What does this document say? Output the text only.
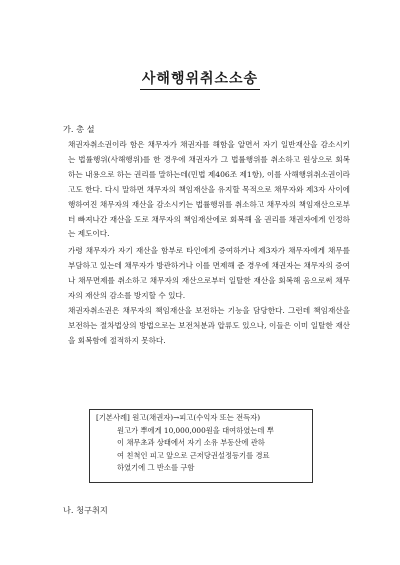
사해행위취소소송
가. 총 설
채권자취소권이라 함은 채무자가 채권자를 해함을 알면서 자기 일반재산을 감소시키는 법률행위(사해행위)를 한 경우에 채권자가 그 법률행위를 취소하고 원상으로 회복하는 내용으로 하는 권리를 말하는데(민법 제406조 제1항), 이를 사해행위취소권이라고도 한다. 다시 말하면 채무자의 책임재산을 유지할 목적으로 채무자와 제3자 사이에 행하여진 채무자의 재산을 감소시키는 법률행위를 취소하고 채무자의 책임재산으로부터 빠져나간 재산을 도로 채무자의 책임재산에로 회복해 올 권리를 채권자에게 인정하는 제도이다.
가령 채무자가 자기 재산을 함부로 타인에게 증여하거나 제3자가 채무자에게 채무를 부담하고 있는데 채무자가 방관하거나 이를 면제해 준 경우에 채권자는 채무자의 증여나 채무면제를 취소하고 채무자의 재산으로부터 일탈한 재산을 회복해 옴으로써 채무자의 재산의 감소를 방지할 수 있다.
채권자취소권은 채무자의 책임재산을 보전하는 기능을 담당한다. 그런데 책임재산을 보전하는 절차법상의 방법으로는 보전처분과 압류도 있으나, 이들은 이미 일탈한 재산을 회복함에 절적하지 못하다.
[기본사례] 원고(채권자)→피고(수익자 또는 전득자)
원고가 뿌에게 10,000,000원을 대여하였는데 뿌
이 채무초과 상태에서 자기 소유 부동산에 관하
여 친척인 피고 앞으로 근저당권설정등기를 경료
하였기에 그 반소를 구함
나. 청구취지
